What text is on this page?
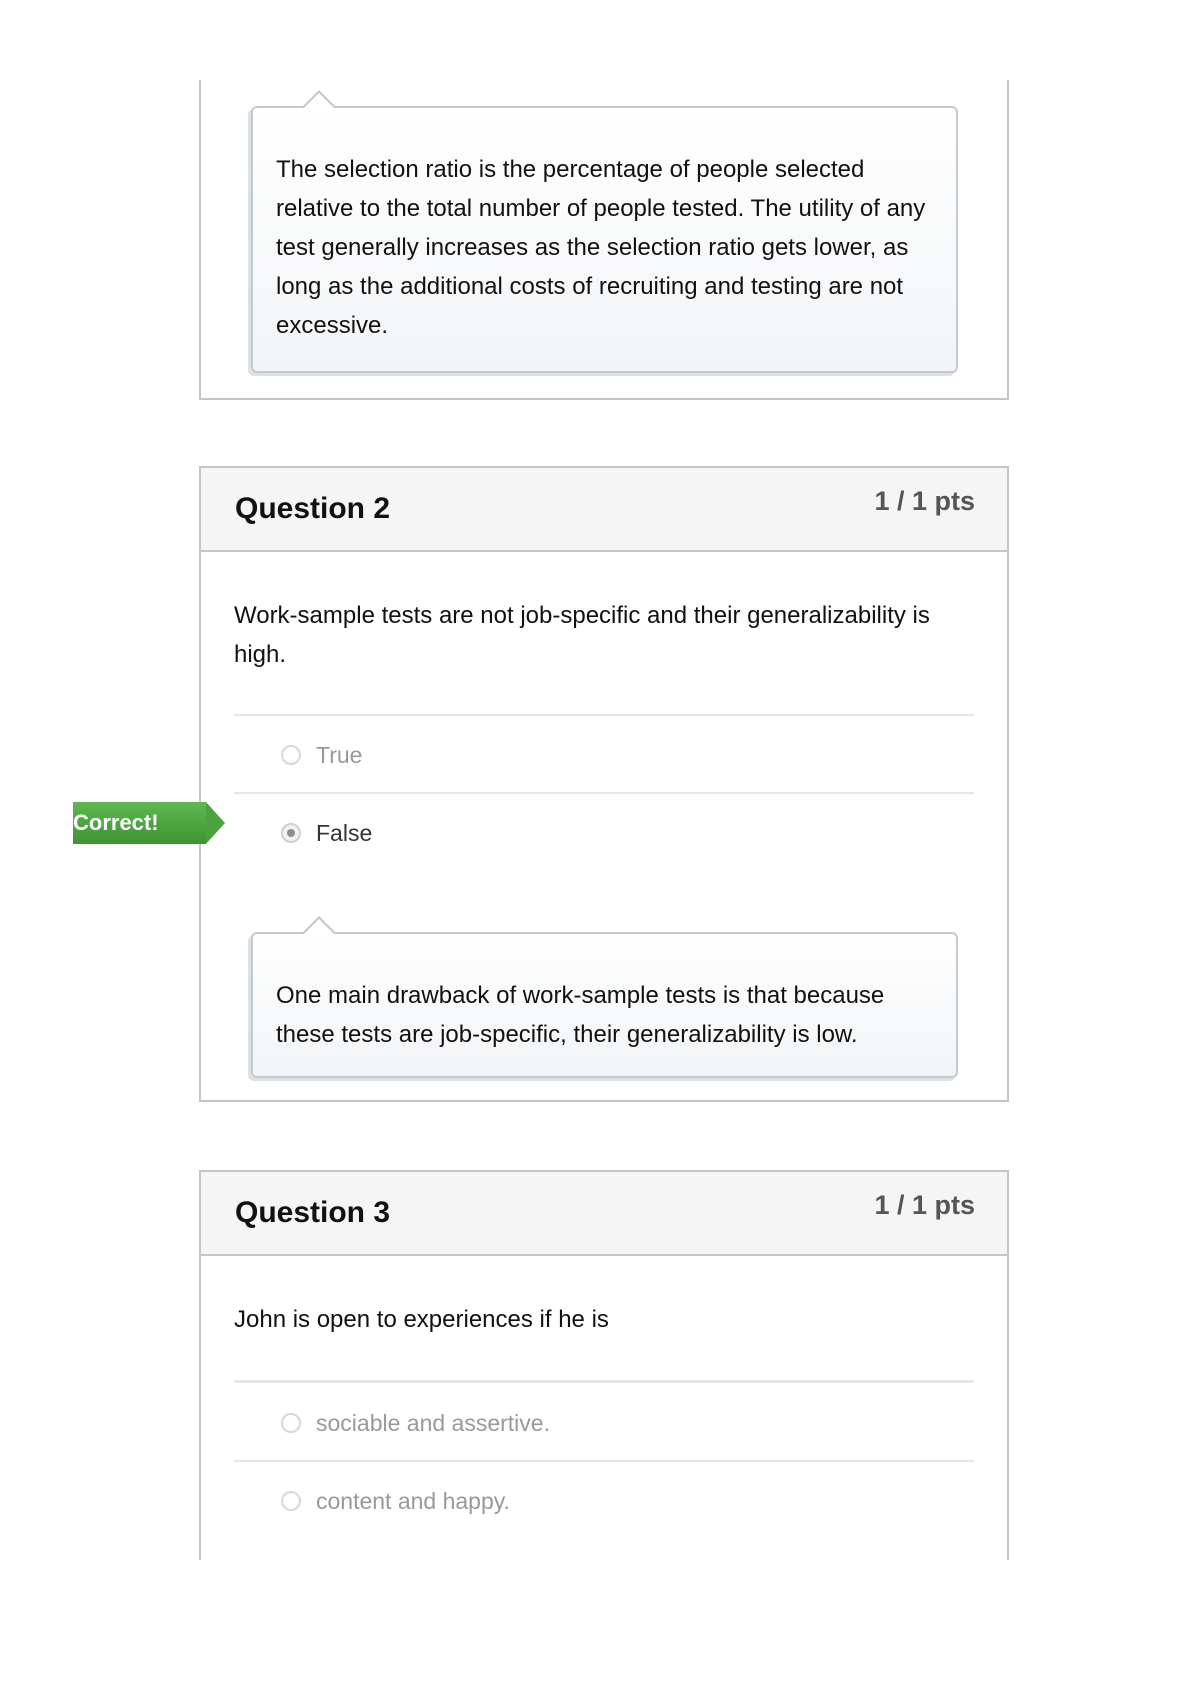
The selection ratio is the percentage of people selected relative to the total number of people tested. The utility of any test generally increases as the selection ratio gets lower, as long as the additional costs of recruiting and testing are not excessive.
Question 2	1 / 1 pts
Work-sample tests are not job-specific and their generalizability is high.
True
False
One main drawback of work-sample tests is that because these tests are job-specific, their generalizability is low.
Correct!
Question 3	1 / 1 pts
John is open to experiences if he is
sociable and assertive.
content and happy.
